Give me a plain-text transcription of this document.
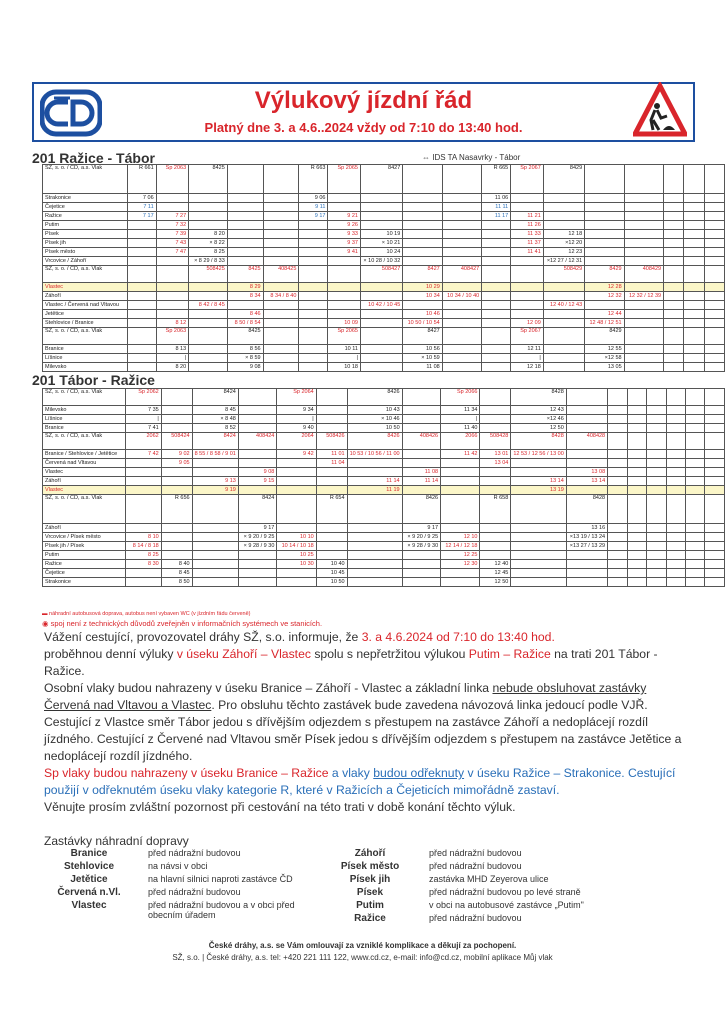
Výlukový jízdní řád
Platný dne 3. a 4.6..2024 vždy od 7:10 do 13:40 hod.
201 Ražice - Tábor	⇔ IDS TA Nasavrky - Tábor
SŽ, s. o. / ČD, a.s. Vlak	R 661	Sp 2063	8425			R 663	Sp 2065	8427			R 665	Sp 2067	8429					
Strakonice	7 06					9 06					11 06							
Čejetice	7 11					9 11					11 11							
Ražice	7 17	7 27				9 17	9 21				11 17	11 21						
Putim		7 32					9 26					11 26						
Písek		7 39	8 20				9 33	10 19				11 33	12 18					
Písek jih		7 43	× 8 22				9 37	× 10 21				11 37	×12 20					
Písek město		7 47	8 25				9 41	10 24				11 41	12 23					
Vrcovice / Záhoří			× 8 29 / 8 33					× 10 28 / 10 32					×12 27 / 12 31					
SŽ, s. o. / ČD, a.s. Vlak			508425	8425	408425			508427	8427	408427			508429	8429	408429			
Vlastec				8 29					10 29					12 28				
Záhoří				8 34	8 34 / 8 40				10 34	10 34 / 10 40				12 32	12 32 / 12 39			
Vlastec / Červená nad Vltavou			8 42 / 8 45					10 42 / 10 45					12 40 / 12 43					
Jetětice				8 46					10 46					12 44				
Stehlovice / Branice		8 12		8 50 / 8 54			10 09		10 50 / 10 54			12 09		12 48 / 12 51				
SŽ, s. o. / ČD, a.s. Vlak		Sp 2063		8425			Sp 2065		8427			Sp 2067		8429				
Branice		8 13		8 56			10 11		10 56			12 11		12 55				
Líšnice		|		× 8 59			|		× 10 59			|		×12 58				
Milevsko		8 20		9 08			10 18		11 08			12 18		13 05				
201 Tábor - Ražice
SŽ, s. o. / ČD, a.s. Vlak	Sp 2062		8424		Sp 2064		8426		Sp 2066		8428							
Milevsko	7 35		8 45		9 34		10 43		11 34		12 43							
Líšnice	|		× 8 48		|		× 10 46		|		×12 46							
Branice	7 41		8 52		9 40		10 50		11 40		12 50							
SŽ, s. o. / ČD, a.s. Vlak	2062	508424	8424	408424	2064	508426	8426	408426	2066	508428	8428	408428						
Branice / Stehlovice / Jetětice	7 42	9 02	8 55 / 8 58 / 9 01		9 42	11 01	10 53 / 10 56 / 11 00		11 42	13 01	12 53 / 12 56 / 13 00							
Červená nad Vltavou		9 05				11 04				13 04								
Vlastec				9 08				11 08				13 08						
Záhoří			9 13	9 15			11 14	11 14			13 14	13 14						
Vlastec			9 19				11 19				13 19							
SŽ, s. o. / ČD, a.s. Vlak		R 656		8424		R 654		8426		R 658		8428						
Záhoří				9 17				9 17				13 16						
Vrcovice / Písek město	8 10			× 9 20 / 9 25	10 10			× 9 20 / 9 25	12 10			×13 19 / 13 24						
Písek jih / Písek	8 14 / 8 18			× 9 28 / 9 30	10 14 / 10 18			× 9 28 / 9 30	12 14 / 12 18			×13 27 / 13 29						
Putim	8 25				10 25				12 25									
Ražice	8 30	8 40			10 30	10 40			12 30	12 40								
Čejetice		8 45				10 45				12 45								
Strakonice		8 50				10 50				12 50								
▬ náhradní autobusová doprava, autobus není vybaven WC (v jízdním řádu červeně)
◉ spoj není z technických důvodů zveřejněn v informačních systémech ve stanicích.

Vážení cestující, provozovatel dráhy SŽ, s.o. informuje, že 3. a 4.6.2024 od 7:10 do 13:40 hod.
proběhnou denní výluky v úseku Záhoří – Vlastec spolu s nepřetržitou výlukou Putim – Ražice na trati 201 Tábor - Ražice.

Osobní vlaky budou nahrazeny v úseku Branice – Záhoří - Vlastec a základní linka nebude obsluhovat zastávky Červená nad Vltavou a Vlastec. Pro obsluhu těchto zastávek bude zavedena návozová linka jedoucí podle VJŘ.

Cestující z Vlastce směr Tábor jedou s dřívějším odjezdem s přestupem na zastávce Záhoří a nedoplácejí rozdíl jízdného. Cestující z Červené nad Vltavou směr Písek jedou s dřívějším odjezdem s přestupem na zastávce Jetětice a nedoplácejí rozdíl jízdného.

Sp vlaky budou nahrazeny v úseku Branice – Ražice a vlaky budou odřeknuty v úseku Ražice – Strakonice. Cestující použijí v odřeknutém úseku vlaky kategorie R, které v Ražicích a Čejeticích mimořádně zastaví.

Věnujte prosím zvláštní pozornost při cestování na této trati v době konání těchto výluk.

Zastávky náhradní dopravy
Branice	před nádražní budovou
Stehlovice	na návsi v obci
Jetětice	na hlavní silnici naproti zastávce ČD
Červená n.Vl.	před nádražní budovou
Vlastec	před nádražní budovou a v obci před obecním úřadem
Záhoří	před nádražní budovou
Písek město	před nádražní budovou
Písek jih	zastávka MHD Zeyerova ulice
Písek	před nádražní budovou po levé straně
Putim	v obci na autobusové zastávce „Putim"
Ražice	před nádražní budovou
České dráhy, a.s. se Vám omlouvají za vzniklé komplikace a děkují za pochopení.
SŽ, s.o. | České dráhy, a.s. tel: +420 221 111 122, www.cd.cz, e-mail: info@cd.cz, mobilní aplikace Můj vlak
